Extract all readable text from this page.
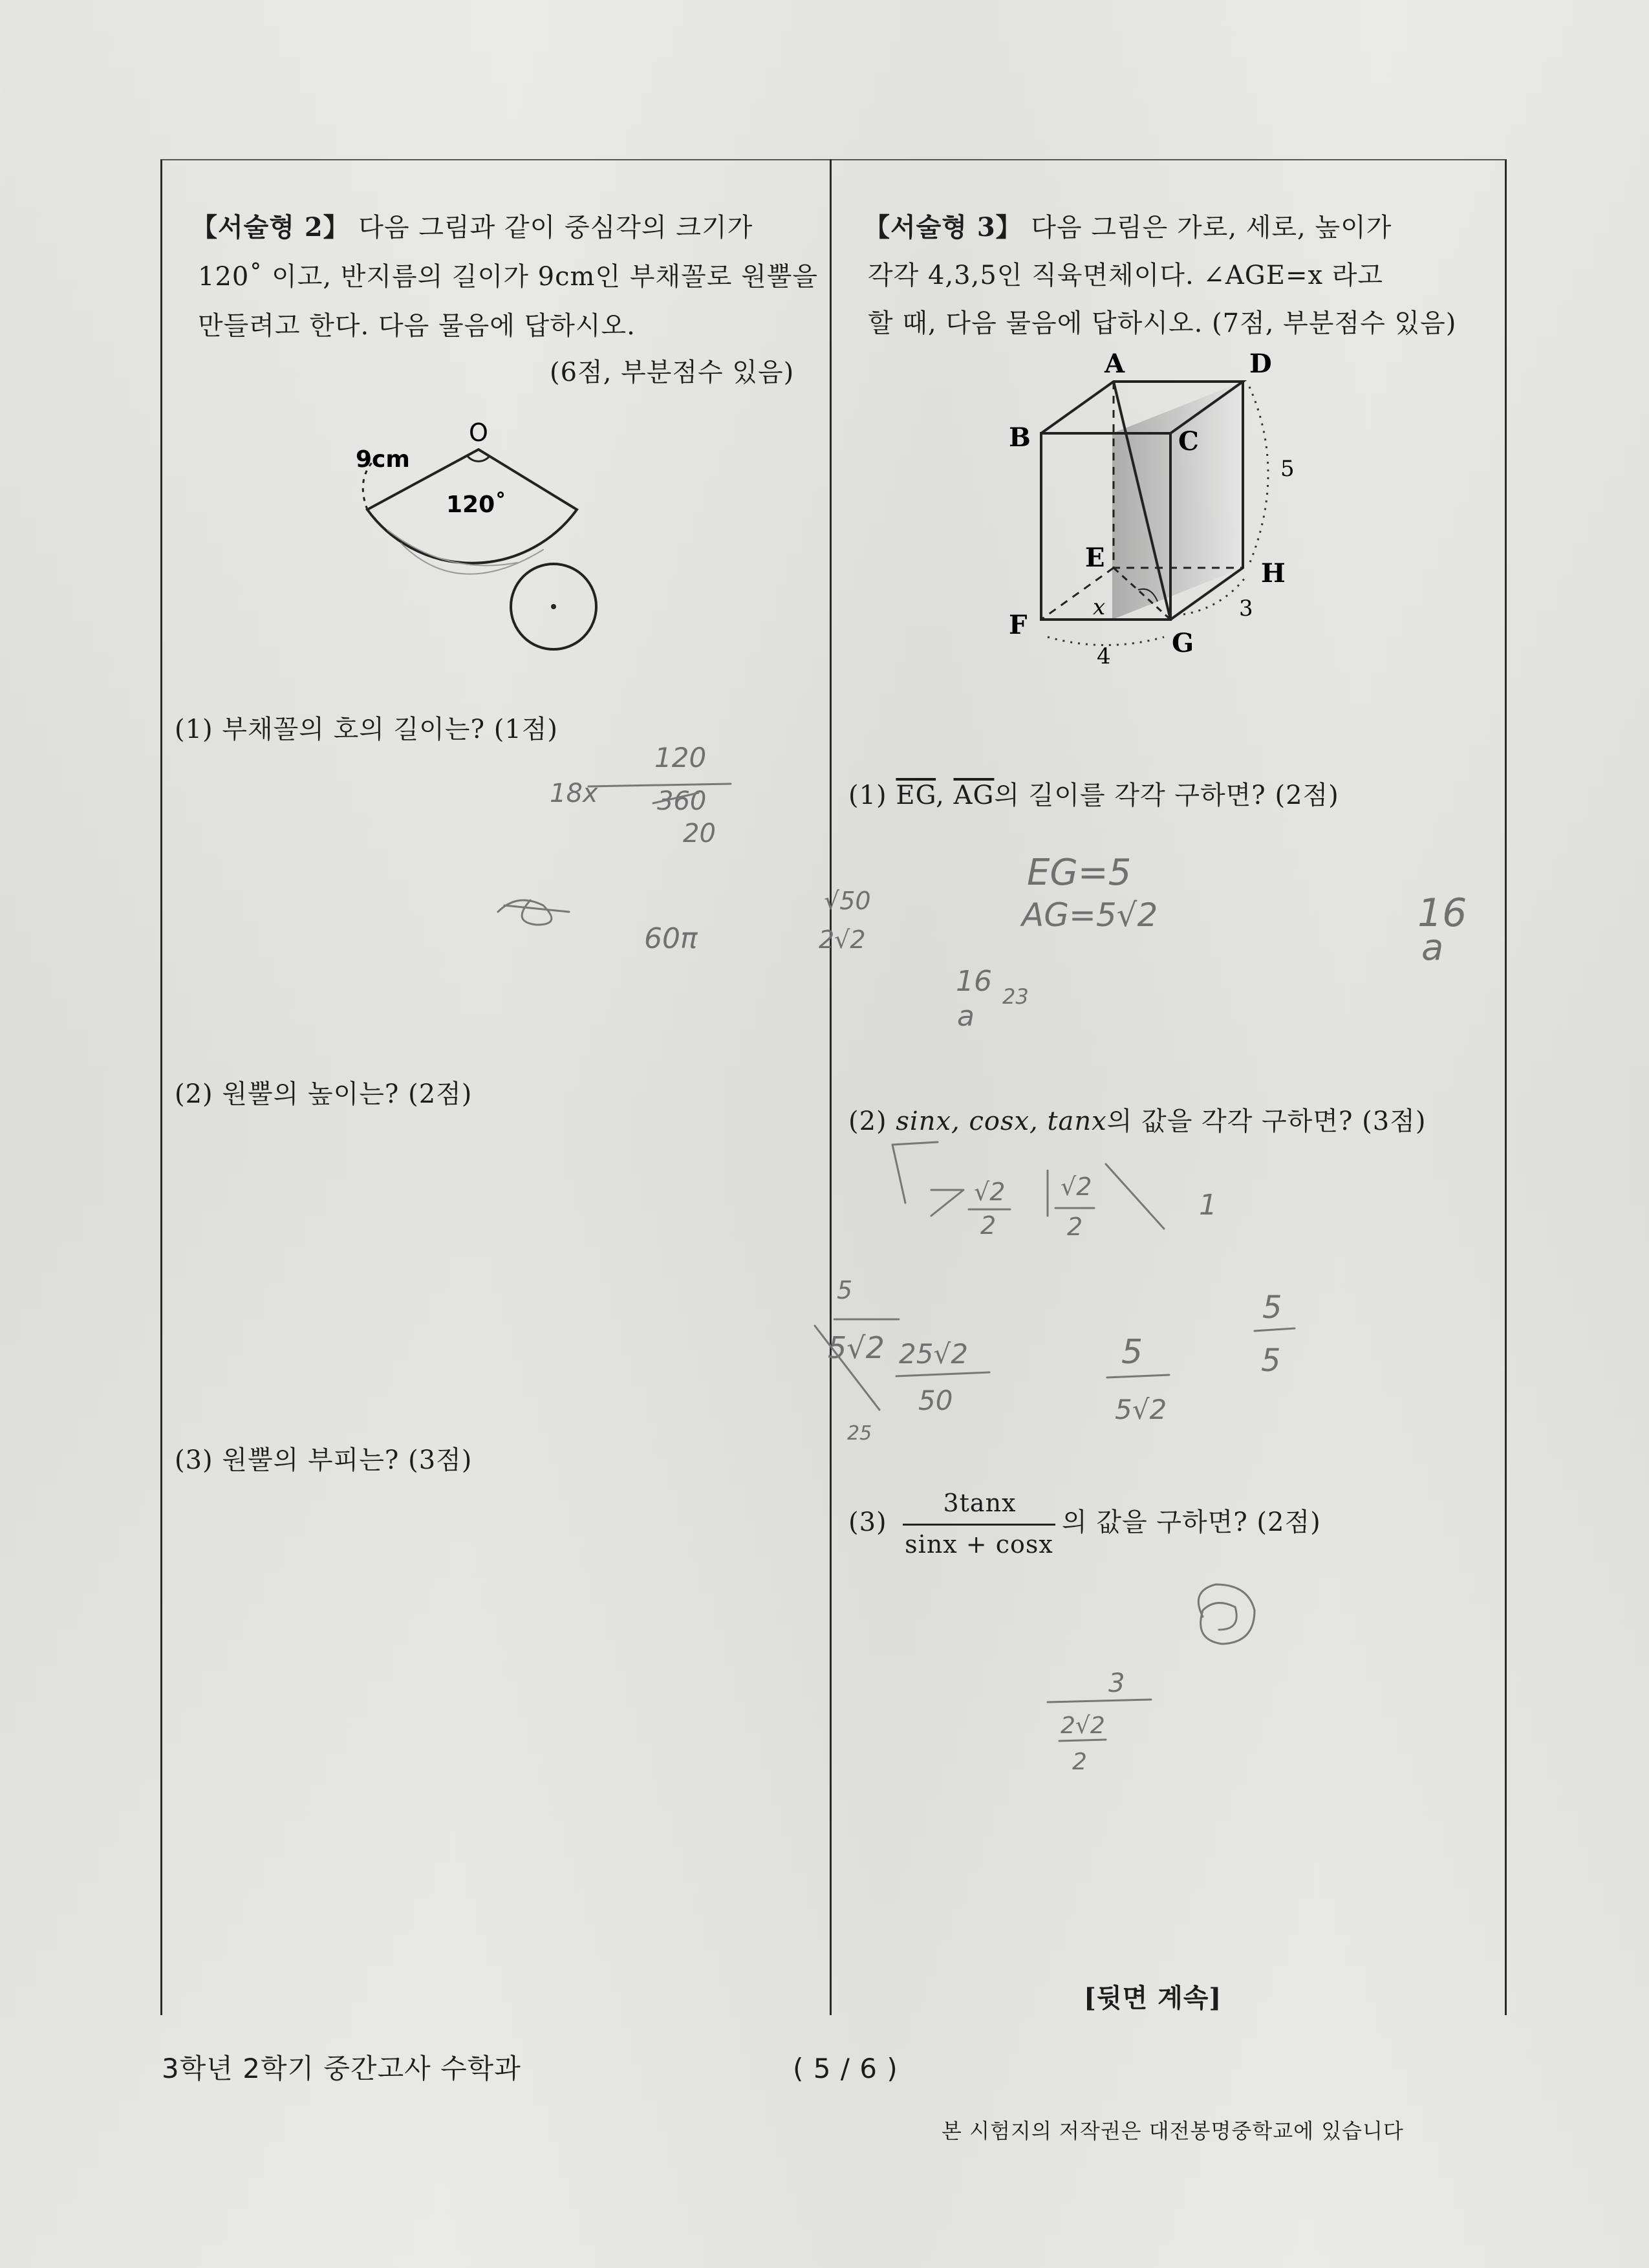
【서술형 2】 다음 그림과 같이 중심각의 크기가
120˚ 이고, 반지름의 길이가 9cm인 부채꼴로 원뿔을
만들려고 한다. 다음 물음에 답하시오.
(6점, 부분점수 있음)
O
9cm
120˚
(1) 부채꼴의 호의 길이는? (1점)
(2) 원뿔의 높이는? (2점)
(3) 원뿔의 부피는? (3점)
120
360
20
18x
60π
【서술형 3】 다음 그림은 가로, 세로, 높이가
각각 4,3,5인 직육면체이다. ∠AGE=x 라고
할 때, 다음 물음에 답하시오. (7점, 부분점수 있음)
A	D
B	C
E
H
F
G
x
4
3
5
(1) $\overline{EG}$, $\overline{AG}$의 길이를 각각 구하면? (2점)
(2) sinx, cosx, tanx의 값을 각각 구하면? (3점)
(3)
3tanx
sinx + cosx
의 값을 구하면? (2점)
[뒷면 계속]
EG=5
AG=5√2	16
a
√50
2√2
16
a
23
√2
2
√2
2
1
5
5√2 25√2
50
25
5
5√2
5
5
3
2√2
2
3학년 2학기 중간고사 수학과	( 5 / 6 )
본 시험지의 저작권은 대전봉명중학교에 있습니다
